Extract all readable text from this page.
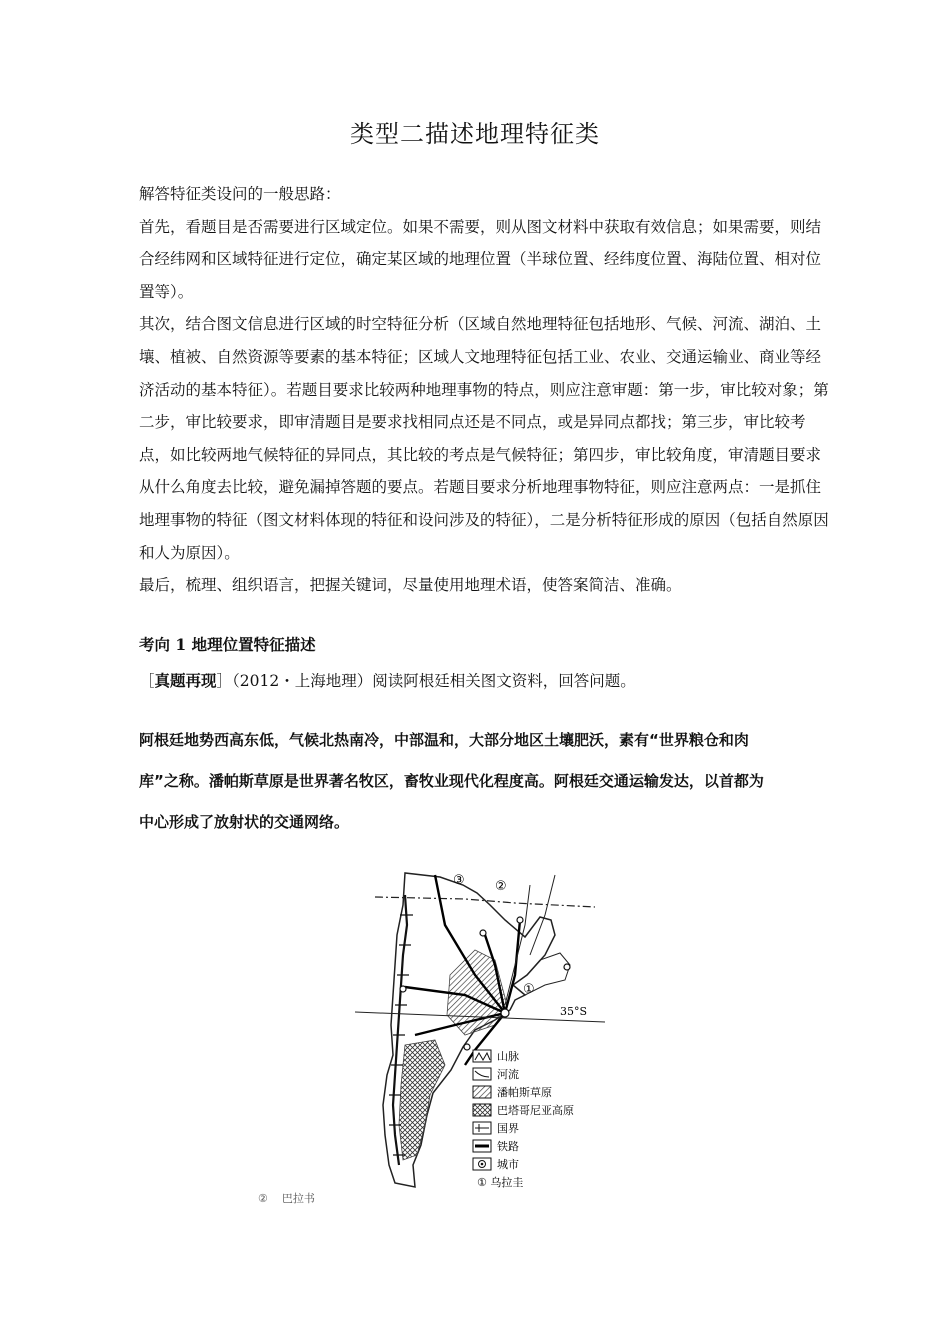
类型二描述地理特征类

解答特征类设问的一般思路：

首先，看题目是否需要进行区域定位。如果不需要，则从图文材料中获取有效信息；如果需要，则结合经纬网和区域特征进行定位，确定某区域的地理位置（半球位置、经纬度位置、海陆位置、相对位置等）。

其次，结合图文信息进行区域的时空特征分析（区域自然地理特征包括地形、气候、河流、湖泊、土壤、植被、自然资源等要素的基本特征；区域人文地理特征包括工业、农业、交通运输业、商业等经济活动的基本特征）。若题目要求比较两种地理事物的特点，则应注意审题：第一步，审比较对象；第二步，审比较要求，即审清题目是要求找相同点还是不同点，或是异同点都找；第三步，审比较考点，如比较两地气候特征的异同点，其比较的考点是气候特征；第四步，审比较角度，审清题目要求从什么角度去比较，避免漏掉答题的要点。若题目要求分析地理事物特征，则应注意两点：一是抓住地理事物的特征（图文材料体现的特征和设问涉及的特征），二是分析特征形成的原因（包括自然原因和人为原因）。

最后，梳理、组织语言，把握关键词，尽量使用地理术语，使答案简洁、准确。

考向 1 地理位置特征描述
［真题再现］（2012・上海地理）阅读阿根廷相关图文资料，回答问题。

阿根廷地势西高东低，气候北热南冷，中部温和，大部分地区土壤肥沃，素有“世界粮仓和肉

库”之称。潘帕斯草原是世界著名牧区，畜牧业现代化程度高。阿根廷交通运输发达，以首都为

中心形成了放射状的交通网络。

③ ②
①
35°S
山脉
河流
潘帕斯草原
巴塔哥尼亚高原
国界
铁路
城市
① 乌拉圭
② 巴拉书
